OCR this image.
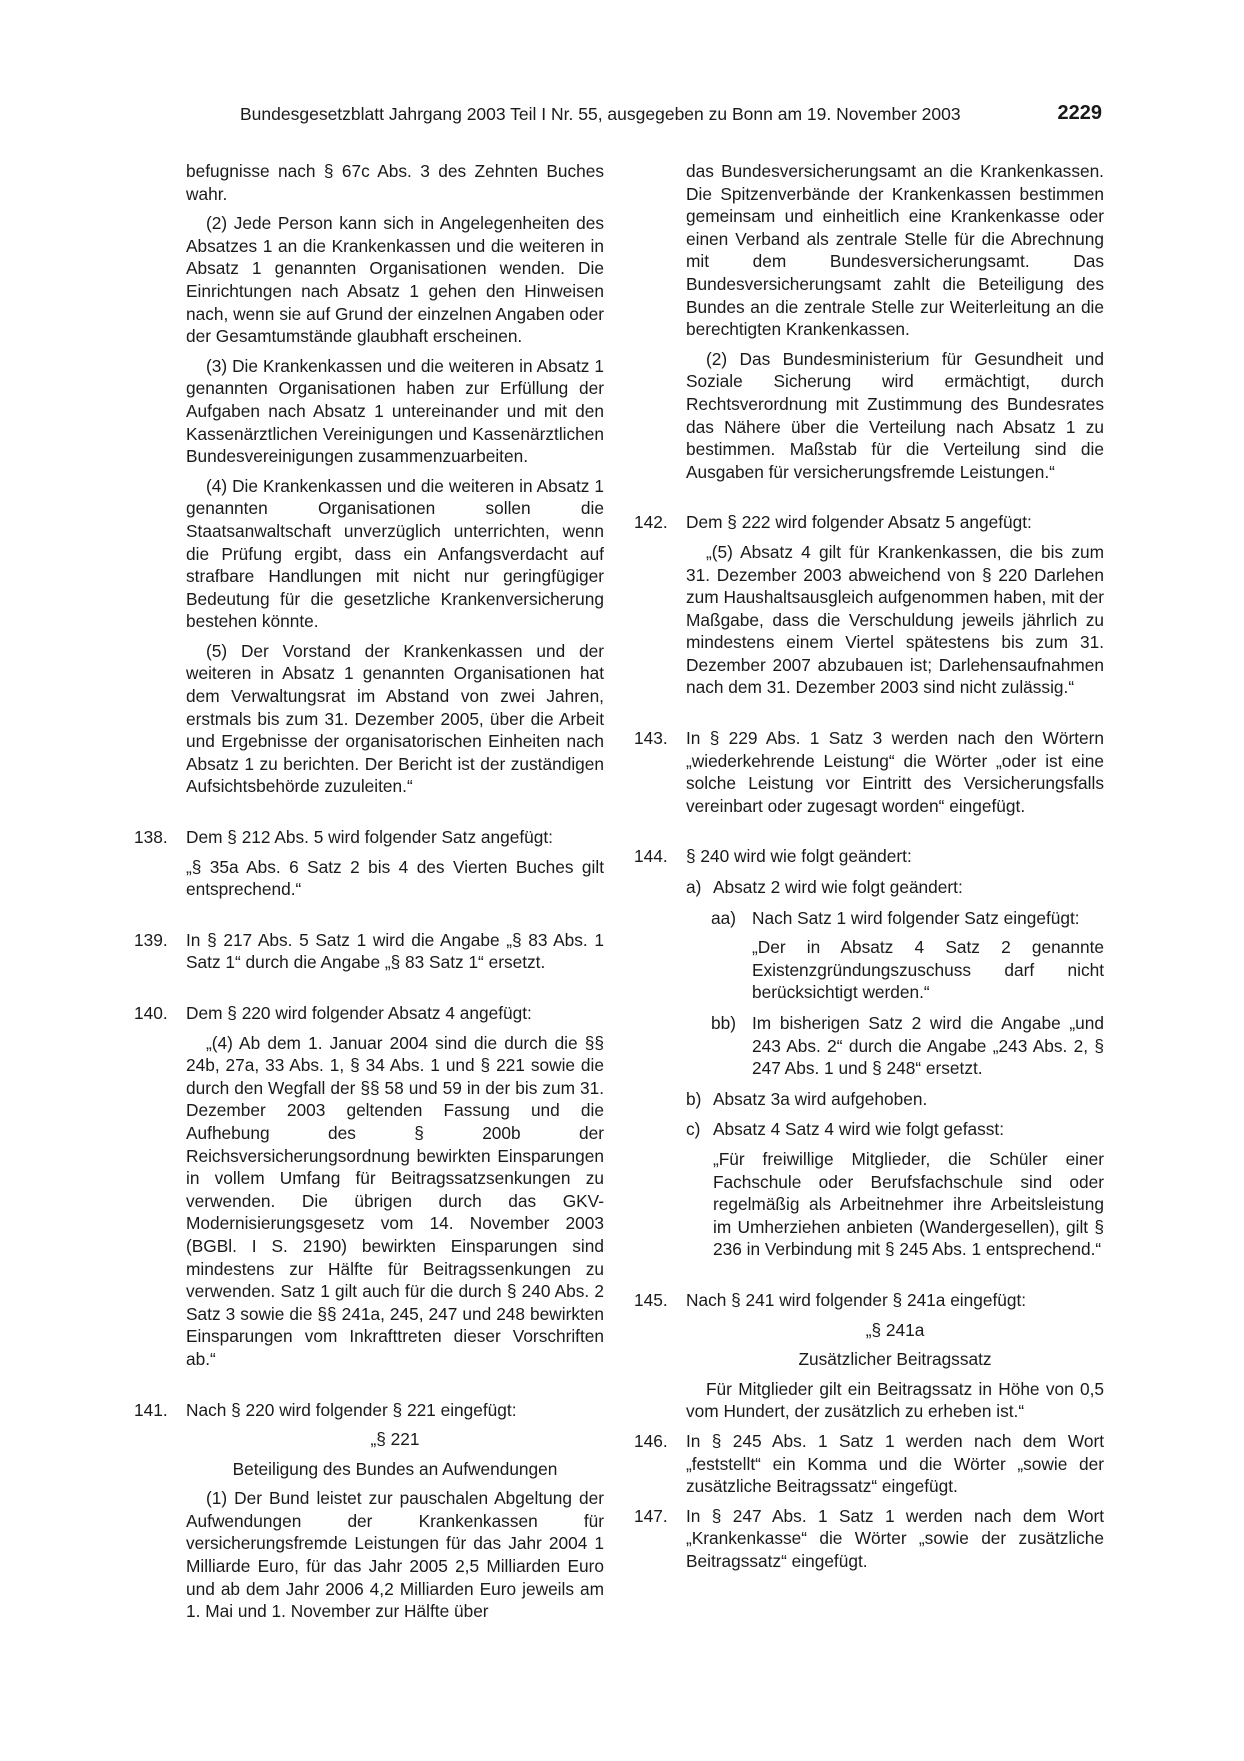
Bundesgesetzblatt Jahrgang 2003 Teil I Nr. 55, ausgegeben zu Bonn am 19. November 2003	2229

befugnisse nach § 67c Abs. 3 des Zehnten Buches wahr.

(2) Jede Person kann sich in Angelegenheiten des Absatzes 1 an die Krankenkassen und die weiteren in Absatz 1 genannten Organisationen wenden. Die Einrichtungen nach Absatz 1 gehen den Hinweisen nach, wenn sie auf Grund der einzelnen Angaben oder der Gesamtumstände glaubhaft erscheinen.

(3) Die Krankenkassen und die weiteren in Absatz 1 genannten Organisationen haben zur Erfüllung der Aufgaben nach Absatz 1 untereinander und mit den Kassenärztlichen Vereinigungen und Kassenärztlichen Bundesvereinigungen zusammenzuarbeiten.

(4) Die Krankenkassen und die weiteren in Absatz 1 genannten Organisationen sollen die Staatsanwaltschaft unverzüglich unterrichten, wenn die Prüfung ergibt, dass ein Anfangsverdacht auf strafbare Handlungen mit nicht nur geringfügiger Bedeutung für die gesetzliche Krankenversicherung bestehen könnte.

(5) Der Vorstand der Krankenkassen und der weiteren in Absatz 1 genannten Organisationen hat dem Verwaltungsrat im Abstand von zwei Jahren, erstmals bis zum 31. Dezember 2005, über die Arbeit und Ergebnisse der organisatorischen Einheiten nach Absatz 1 zu berichten. Der Bericht ist der zuständigen Aufsichtsbehörde zuzuleiten.“

138. Dem § 212 Abs. 5 wird folgender Satz angefügt:

„§ 35a Abs. 6 Satz 2 bis 4 des Vierten Buches gilt entsprechend.“

139. In § 217 Abs. 5 Satz 1 wird die Angabe „§ 83 Abs. 1 Satz 1“ durch die Angabe „§ 83 Satz 1“ ersetzt.

140. Dem § 220 wird folgender Absatz 4 angefügt:

„(4) Ab dem 1. Januar 2004 sind die durch die §§ 24b, 27a, 33 Abs. 1, § 34 Abs. 1 und § 221 sowie die durch den Wegfall der §§ 58 und 59 in der bis zum 31. Dezember 2003 geltenden Fassung und die Aufhebung des § 200b der Reichsversicherungsordnung bewirkten Einsparungen in vollem Umfang für Beitragssatzsenkungen zu verwenden. Die übrigen durch das GKV-Modernisierungsgesetz vom 14. November 2003 (BGBl. I S. 2190) bewirkten Einsparungen sind mindestens zur Hälfte für Beitragssenkungen zu verwenden. Satz 1 gilt auch für die durch § 240 Abs. 2 Satz 3 sowie die §§ 241a, 245, 247 und 248 bewirkten Einsparungen vom Inkrafttreten dieser Vorschriften ab.“

141. Nach § 220 wird folgender § 221 eingefügt:

„§ 221

Beteiligung des Bundes an Aufwendungen

(1) Der Bund leistet zur pauschalen Abgeltung der Aufwendungen der Krankenkassen für versicherungsfremde Leistungen für das Jahr 2004 1 Milliarde Euro, für das Jahr 2005 2,5 Milliarden Euro und ab dem Jahr 2006 4,2 Milliarden Euro jeweils am 1. Mai und 1. November zur Hälfte über

das Bundesversicherungsamt an die Krankenkassen. Die Spitzenverbände der Krankenkassen bestimmen gemeinsam und einheitlich eine Krankenkasse oder einen Verband als zentrale Stelle für die Abrechnung mit dem Bundesversicherungsamt. Das Bundesversicherungsamt zahlt die Beteiligung des Bundes an die zentrale Stelle zur Weiterleitung an die berechtigten Krankenkassen.

(2) Das Bundesministerium für Gesundheit und Soziale Sicherung wird ermächtigt, durch Rechtsverordnung mit Zustimmung des Bundesrates das Nähere über die Verteilung nach Absatz 1 zu bestimmen. Maßstab für die Verteilung sind die Ausgaben für versicherungsfremde Leistungen.“

142. Dem § 222 wird folgender Absatz 5 angefügt:

„(5) Absatz 4 gilt für Krankenkassen, die bis zum 31. Dezember 2003 abweichend von § 220 Darlehen zum Haushaltsausgleich aufgenommen haben, mit der Maßgabe, dass die Verschuldung jeweils jährlich zu mindestens einem Viertel spätestens bis zum 31. Dezember 2007 abzubauen ist; Darlehensaufnahmen nach dem 31. Dezember 2003 sind nicht zulässig.“

143. In § 229 Abs. 1 Satz 3 werden nach den Wörtern „wiederkehrende Leistung“ die Wörter „oder ist eine solche Leistung vor Eintritt des Versicherungsfalls vereinbart oder zugesagt worden“ eingefügt.

144. § 240 wird wie folgt geändert:

a) Absatz 2 wird wie folgt geändert:

aa) Nach Satz 1 wird folgender Satz eingefügt:

„Der in Absatz 4 Satz 2 genannte Existenzgründungszuschuss darf nicht berücksichtigt werden.“

bb) Im bisherigen Satz 2 wird die Angabe „und 243 Abs. 2“ durch die Angabe „243 Abs. 2, § 247 Abs. 1 und § 248“ ersetzt.

b) Absatz 3a wird aufgehoben.

c) Absatz 4 Satz 4 wird wie folgt gefasst:

„Für freiwillige Mitglieder, die Schüler einer Fachschule oder Berufsfachschule sind oder regelmäßig als Arbeitnehmer ihre Arbeitsleistung im Umherziehen anbieten (Wandergesellen), gilt § 236 in Verbindung mit § 245 Abs. 1 entsprechend.“

145. Nach § 241 wird folgender § 241a eingefügt:

„§ 241a

Zusätzlicher Beitragssatz

Für Mitglieder gilt ein Beitragssatz in Höhe von 0,5 vom Hundert, der zusätzlich zu erheben ist.“

146. In § 245 Abs. 1 Satz 1 werden nach dem Wort „feststellt“ ein Komma und die Wörter „sowie der zusätzliche Beitragssatz“ eingefügt.

147. In § 247 Abs. 1 Satz 1 werden nach dem Wort „Krankenkasse“ die Wörter „sowie der zusätzliche Beitragssatz“ eingefügt.
